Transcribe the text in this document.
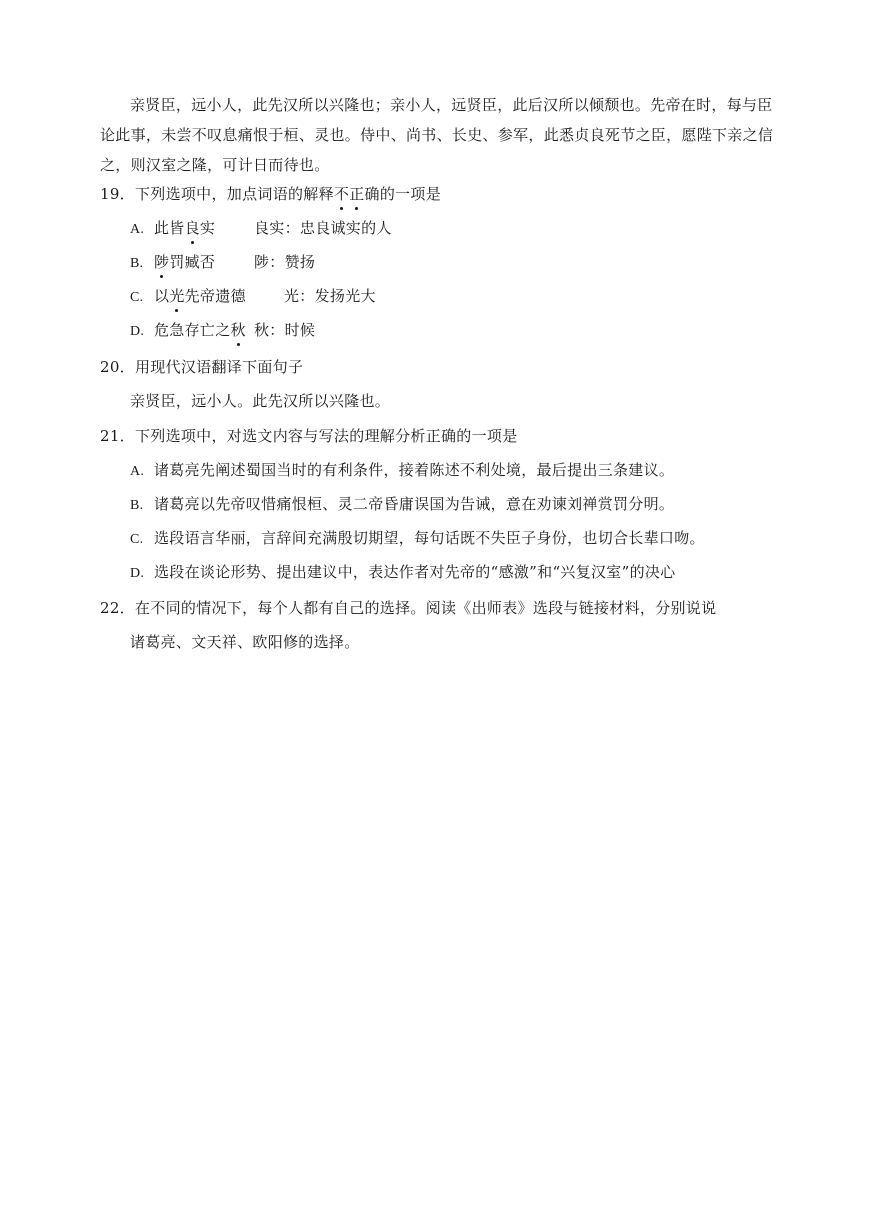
亲贤臣，远小人，此先汉所以兴隆也；亲小人，远贤臣，此后汉所以倾颓也。先帝在时，每与臣
论此事，未尝不叹息痛恨于桓、灵也。侍中、尚书、长史、参军，此悉贞良死节之臣，愿陛下亲之信
之，则汉室之隆，可计日而待也。
19．下列选项中，加点词语的解释不正确的一项是
A. 此皆良实	良实：忠良诚实的人
B. 陟罚臧否	陟：赞扬
C. 以光先帝遗德	光：发扬光大
D. 危急存亡之秋 秋：时候
20．用现代汉语翻译下面句子
亲贤臣，远小人。此先汉所以兴隆也。
21．下列选项中，对选文内容与写法的理解分析正确的一项是
A. 诸葛亮先阐述蜀国当时的有利条件，接着陈述不利处境，最后提出三条建议。
B. 诸葛亮以先帝叹惜痛恨桓、灵二帝昏庸误国为告诫，意在劝谏刘禅赏罚分明。
C. 选段语言华丽，言辞间充满殷切期望，每句话既不失臣子身份，也切合长辈口吻。
D. 选段在谈论形势、提出建议中，表达作者对先帝的“感激”和“兴复汉室”的决心
22．在不同的情况下，每个人都有自己的选择。阅读《出师表》选段与链接材料，分别说说
诸葛亮、文天祥、欧阳修的选择。
